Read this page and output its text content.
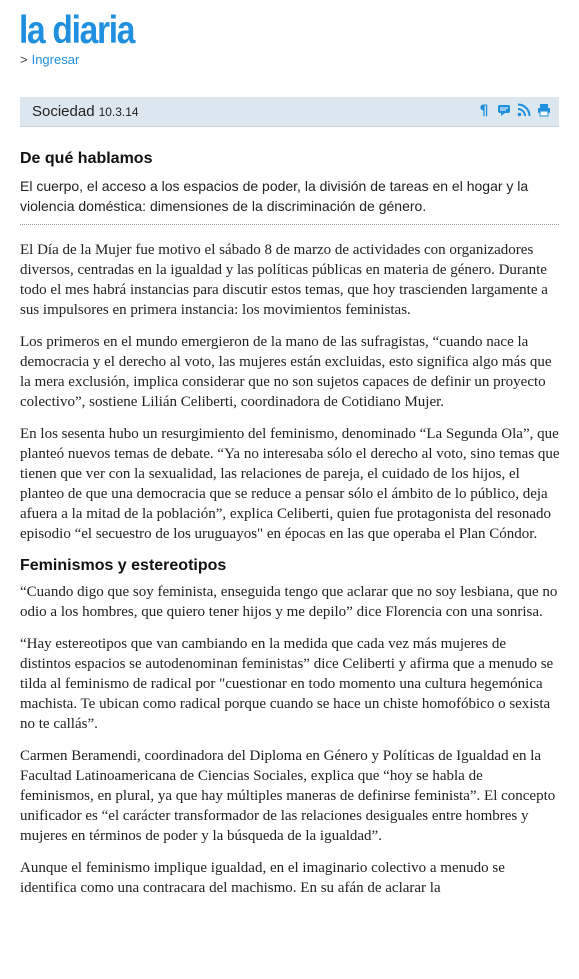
la diaria
> Ingresar
Sociedad 10.3.14	¶
De qué hablamos
El cuerpo, el acceso a los espacios de poder, la división de tareas en el hogar y la violencia doméstica: dimensiones de la discriminación de género.

El Día de la Mujer fue motivo el sábado 8 de marzo de actividades con organizadores diversos, centradas en la igualdad y las políticas públicas en materia de género. Durante todo el mes habrá instancias para discutir estos temas, que hoy trascienden largamente a sus impulsores en primera instancia: los movimientos feministas.

Los primeros en el mundo emergieron de la mano de las sufragistas, “cuando nace la democracia y el derecho al voto, las mujeres están excluidas, esto significa algo más que la mera exclusión, implica considerar que no son sujetos capaces de definir un proyecto colectivo”, sostiene Lilián Celiberti, coordinadora de Cotidiano Mujer.

En los sesenta hubo un resurgimiento del feminismo, denominado “La Segunda Ola”, que planteó nuevos temas de debate. “Ya no interesaba sólo el derecho al voto, sino temas que tienen que ver con la sexualidad, las relaciones de pareja, el cuidado de los hijos, el planteo de que una democracia que se reduce a pensar sólo el ámbito de lo público, deja afuera a la mitad de la población”, explica Celiberti, quien fue protagonista del resonado episodio “el secuestro de los uruguayos" en épocas en las que operaba el Plan Cóndor.

Feminismos y estereotipos

“Cuando digo que soy feminista, enseguida tengo que aclarar que no soy lesbiana, que no odio a los hombres, que quiero tener hijos y me depilo” dice Florencia con una sonrisa.

“Hay estereotipos que van cambiando en la medida que cada vez más mujeres de distintos espacios se autodenominan feministas” dice Celiberti y afirma que a menudo se tilda al feminismo de radical por "cuestionar en todo momento una cultura hegemónica machista. Te ubican como radical porque cuando se hace un chiste homofóbico o sexista no te callás”.

Carmen Beramendi, coordinadora del Diploma en Género y Políticas de Igualdad en la Facultad Latinoamericana de Ciencias Sociales, explica que “hoy se habla de feminismos, en plural, ya que hay múltiples maneras de definirse feminista”. El concepto unificador es “el carácter transformador de las relaciones desiguales entre hombres y mujeres en términos de poder y la búsqueda de la igualdad”.

Aunque el feminismo implique igualdad, en el imaginario colectivo a menudo se identifica como una contracara del machismo. En su afán de aclarar la
